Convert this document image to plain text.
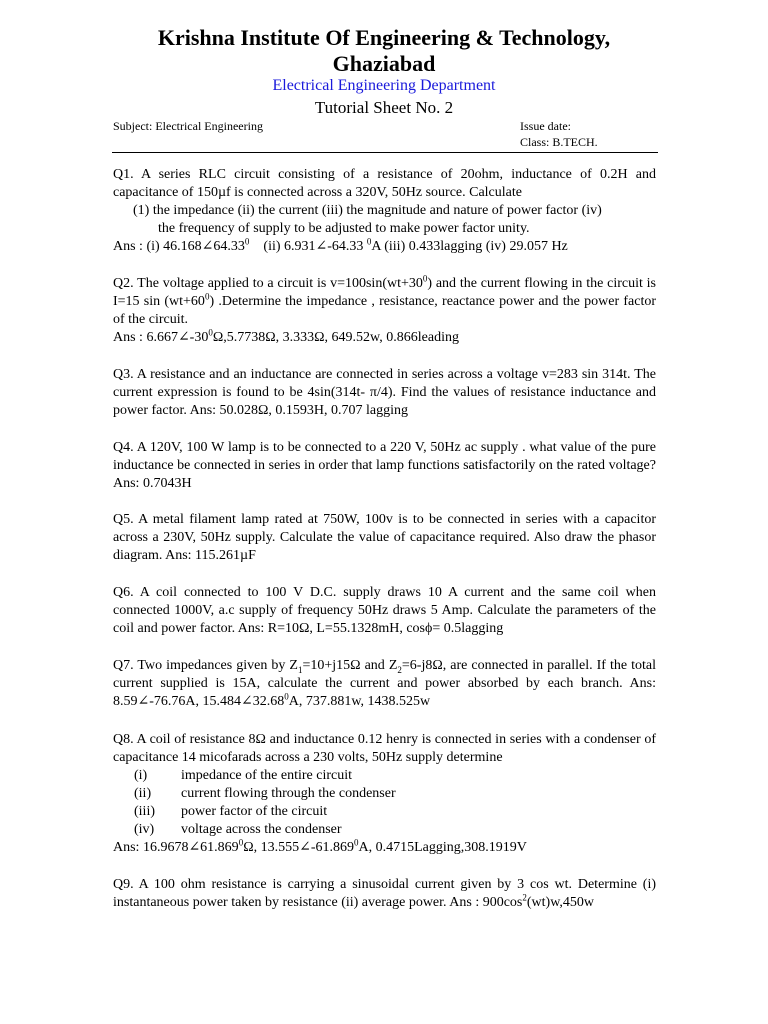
Krishna Institute Of Engineering & Technology,
Ghaziabad
Electrical Engineering Department
Tutorial Sheet No. 2
Subject: Electrical Engineering	Issue date:
Class: B.TECH.

Q1. A series RLC circuit consisting of a resistance of 20ohm, inductance of 0.2H and capacitance of 150µf is connected across a 320V, 50Hz source. Calculate

(1) the impedance (ii) the current (iii) the magnitude and nature of power factor (iv)

the frequency of supply to be adjusted to make power factor unity.

Ans : (i) 46.168∠64.33$^0$ (ii) 6.931∠-64.33 $^0$A (iii) 0.433lagging (iv) 29.057 Hz

Q2. The voltage applied to a circuit is $v=100\sin(wt+30^0)$ and the current flowing in the circuit is I=15 $\sin (wt+60^0)$ .Determine the impedance , resistance, reactance power and the power factor of the circuit.

Ans : $6.667\angle-30^0\Omega,5.7738\Omega$, 3.333Ω, 649.52w, 0.866leading

Q3. A resistance and an inductance are connected in series across a voltage v=283 sin 314t. The current expression is found to be 4sin(314t- π/4). Find the values of resistance inductance and power factor. Ans: 50.028Ω, 0.1593H, 0.707 lagging

Q4. A 120V, 100 W lamp is to be connected to a 220 V, 50Hz ac supply . what value of the pure inductance be connected in series in order that lamp functions satisfactorily on the rated voltage? Ans: 0.7043H

Q5. A metal filament lamp rated at 750W, 100v is to be connected in series with a capacitor across a 230V, 50Hz supply. Calculate the value of capacitance required. Also draw the phasor diagram. Ans: 115.261µF

Q6. A coil connected to 100 V D.C. supply draws 10 A current and the same coil when connected 1000V, a.c supply of frequency 50Hz draws 5 Amp. Calculate the parameters of the coil and power factor. Ans: R=10Ω, L=55.1328mH, cosϕ= 0.5lagging

Q7. Two impedances given by $Z_1=10+j15\Omega$ and $Z_2=6-j8\Omega$, are connected in parallel. If the total current supplied is 15A, calculate the current and power absorbed by each branch. Ans: 8.59∠-76.76A, 15.484∠32.68$^0$A, 737.881w, 1438.525w

Q8. A coil of resistance 8Ω and inductance 0.12 henry is connected in series with a condenser of capacitance 14 micofarads across a 230 volts, 50Hz supply determine

(i)	impedance of the entire circuit
(ii)	current flowing through the condenser
(iii)	power factor of the circuit
(iv)	voltage across the condenser

Ans: 16.9678∠61.869$^0$Ω, 13.555∠-61.869$^0$A, 0.4715Lagging,308.1919V

Q9. A 100 ohm resistance is carrying a sinusoidal current given by 3 cos wt. Determine (i) instantaneous power taken by resistance (ii) average power. Ans : $900\cos^2(wt)w,450w$
